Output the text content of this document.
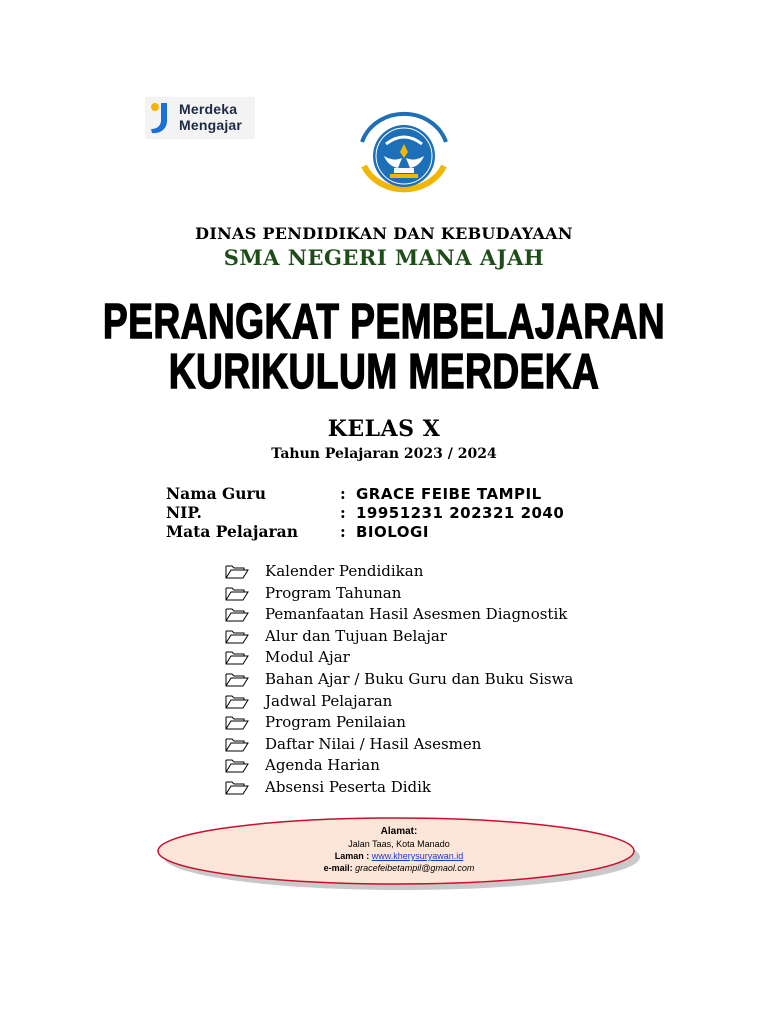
Merdeka
Mengajar
DINAS PENDIDIKAN DAN KEBUDAYAAN
SMA NEGERI MANA AJAH
PERANGKAT PEMBELAJARAN
KURIKULUM MERDEKA
KELAS X
Tahun Pelajaran 2023 / 2024
Nama Guru	: GRACE FEIBE TAMPIL
NIP.	: 19951231 202321 2040
Mata Pelajaran	: BIOLOGI
Kalender Pendidikan
Program Tahunan
Pemanfaatan Hasil Asesmen Diagnostik
Alur dan Tujuan Belajar
Modul Ajar
Bahan Ajar / Buku Guru dan Buku Siswa
Jadwal Pelajaran
Program Penilaian
Daftar Nilai / Hasil Asesmen
Agenda Harian
Absensi Peserta Didik
Alamat:
Jalan Taas, Kota Manado
Laman : www.kherysuryawan.id
e-mail: gracefeibetampil@gmaol.com
